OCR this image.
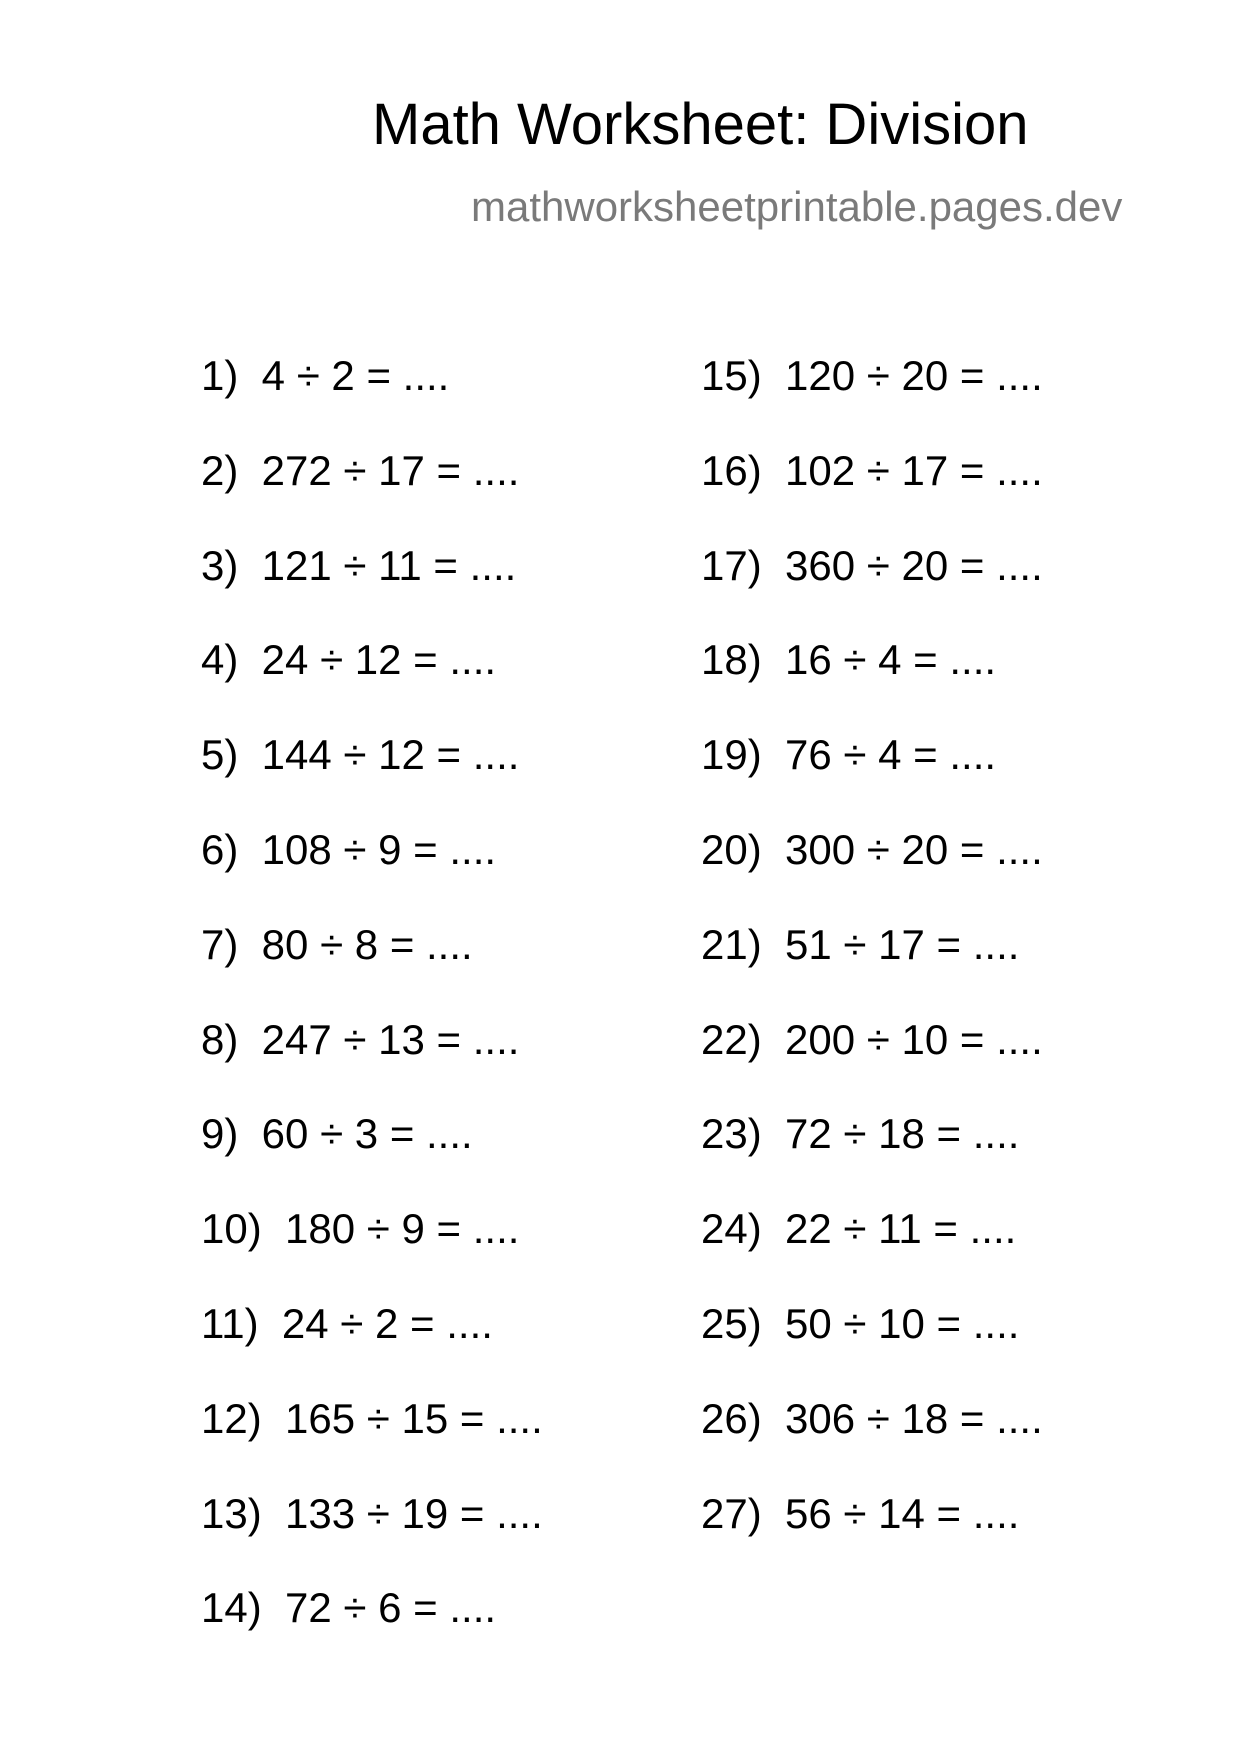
Math Worksheet: Division
mathworksheetprintable.pages.dev
1)  4 ÷ 2 = ....
2)  272 ÷ 17 = ....
3)  121 ÷ 11 = ....
4)  24 ÷ 12 = ....
5)  144 ÷ 12 = ....
6)  108 ÷ 9 = ....
7)  80 ÷ 8 = ....
8)  247 ÷ 13 = ....
9)  60 ÷ 3 = ....
10)  180 ÷ 9 = ....
11)  24 ÷ 2 = ....
12)  165 ÷ 15 = ....
13)  133 ÷ 19 = ....
14)  72 ÷ 6 = ....
15)  120 ÷ 20 = ....
16)  102 ÷ 17 = ....
17)  360 ÷ 20 = ....
18)  16 ÷ 4 = ....
19)  76 ÷ 4 = ....
20)  300 ÷ 20 = ....
21)  51 ÷ 17 = ....
22)  200 ÷ 10 = ....
23)  72 ÷ 18 = ....
24)  22 ÷ 11 = ....
25)  50 ÷ 10 = ....
26)  306 ÷ 18 = ....
27)  56 ÷ 14 = ....
